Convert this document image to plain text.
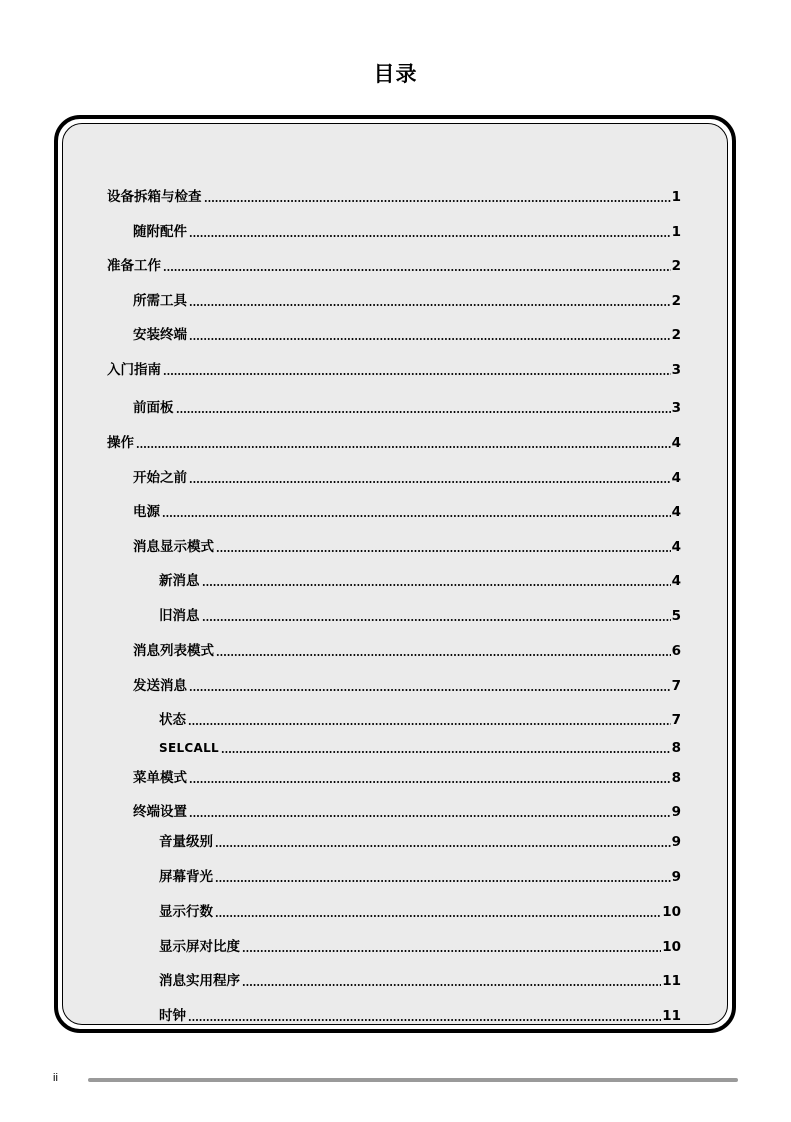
目录
设备拆箱与检查	1
随附配件	1
准备工作	2
所需工具	2
安装终端	2
入门指南	3
前面板	3
操作	4
开始之前	4
电源	4
消息显示模式	4
新消息	4
旧消息	5
消息列表模式	6
发送消息	7
状态	7
SELCALL	8
菜单模式	8
终端设置	9
音量级别	9
屏幕背光	9
显示行数	10
显示屏对比度	10
消息实用程序	11
时钟	11
ii
